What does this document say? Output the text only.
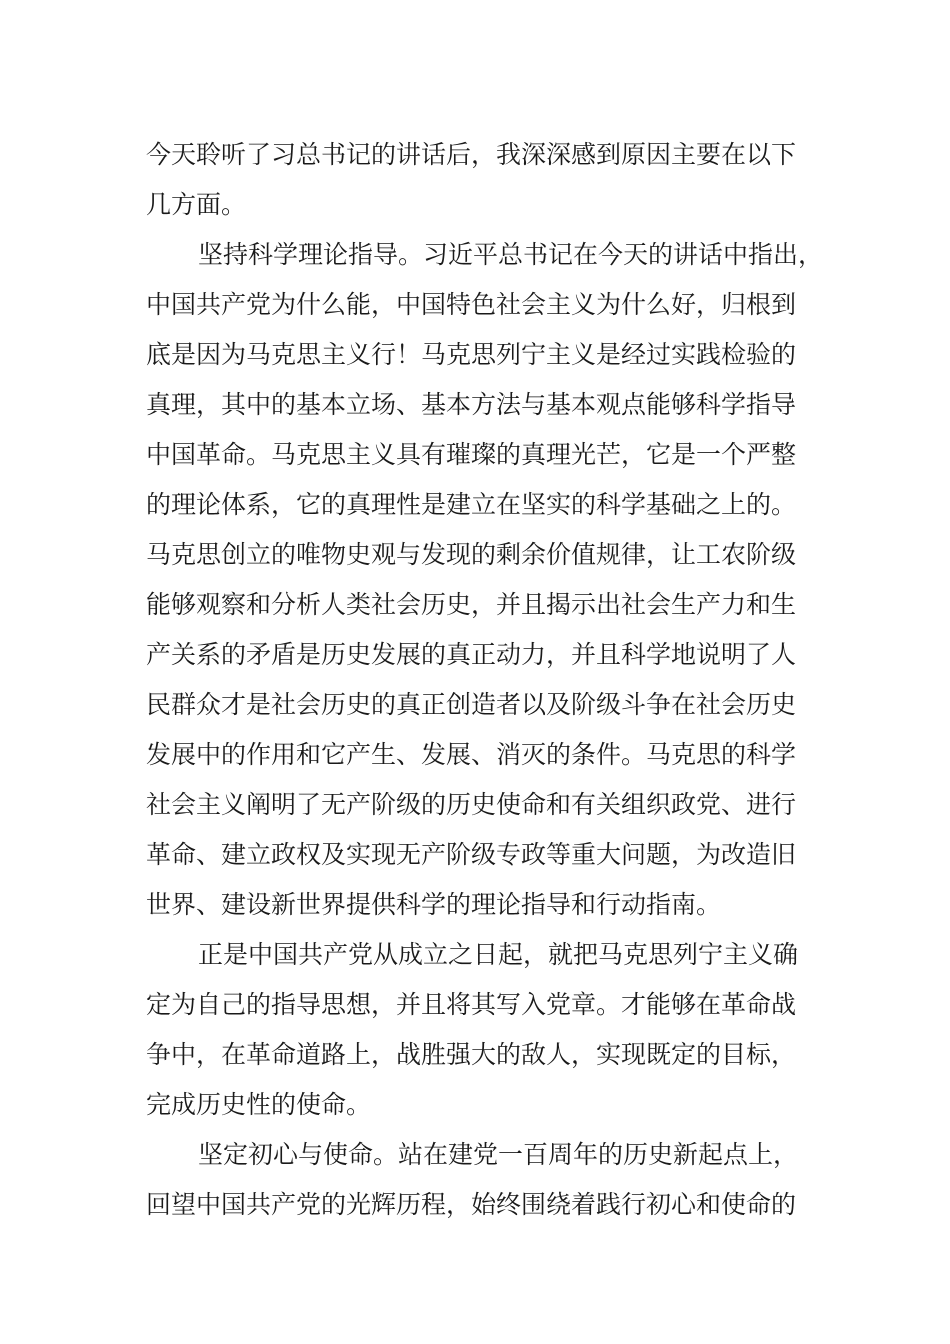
今天聆听了习总书记的讲话后，我深深感到原因主要在以下
几方面。
坚持科学理论指导。习近平总书记在今天的讲话中指出，
中国共产党为什么能，中国特色社会主义为什么好，归根到
底是因为马克思主义行！马克思列宁主义是经过实践检验的
真理，其中的基本立场、基本方法与基本观点能够科学指导
中国革命。马克思主义具有璀璨的真理光芒，它是一个严整
的理论体系，它的真理性是建立在坚实的科学基础之上的。
马克思创立的唯物史观与发现的剩余价值规律，让工农阶级
能够观察和分析人类社会历史，并且揭示出社会生产力和生
产关系的矛盾是历史发展的真正动力，并且科学地说明了人
民群众才是社会历史的真正创造者以及阶级斗争在社会历史
发展中的作用和它产生、发展、消灭的条件。马克思的科学
社会主义阐明了无产阶级的历史使命和有关组织政党、进行
革命、建立政权及实现无产阶级专政等重大问题，为改造旧
世界、建设新世界提供科学的理论指导和行动指南。
正是中国共产党从成立之日起，就把马克思列宁主义确
定为自己的指导思想，并且将其写入党章。才能够在革命战
争中，在革命道路上，战胜强大的敌人，实现既定的目标，
完成历史性的使命。
坚定初心与使命。站在建党一百周年的历史新起点上，
回望中国共产党的光辉历程，始终围绕着践行初心和使命的
